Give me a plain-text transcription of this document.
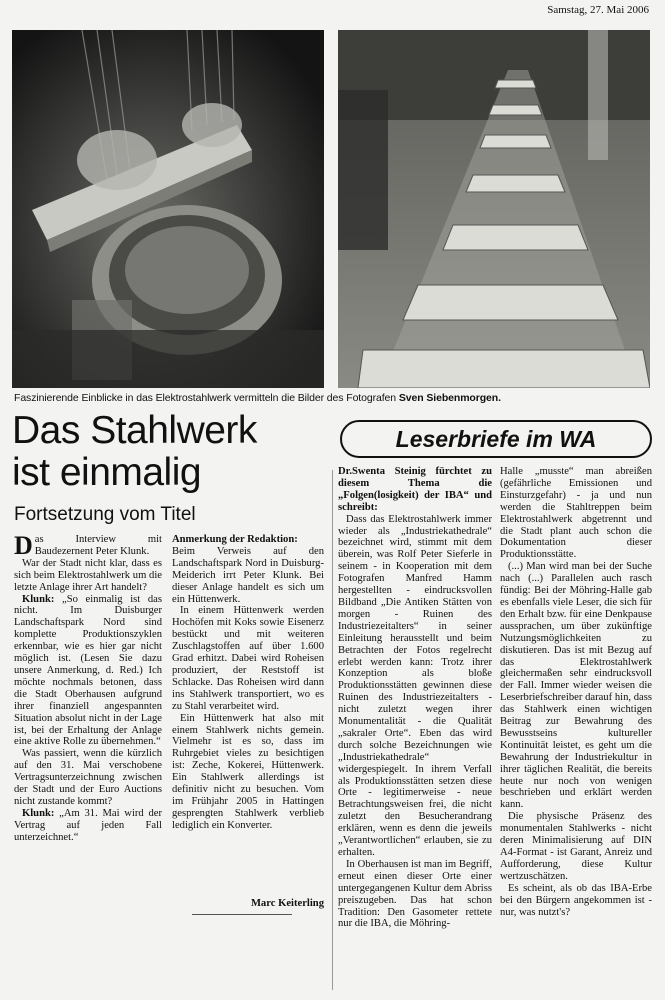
Samstag, 27. Mai 2006
Faszinierende Einblicke in das Elektrostahlwerk vermitteln die Bilder des Fotografen Sven Siebenmorgen.
Das Stahlwerk
ist einmalig
Fortsetzung vom Titel
Leserbriefe im WA

Das Interview mit Baudezernent Peter Klunk.

War der Stadt nicht klar, dass es sich beim Elektrostahlwerk um die letzte Anlage ihrer Art handelt?

Klunk: „So einmalig ist das nicht. Im Duisburger Landschaftspark Nord sind komplette Produktionszyklen erkennbar, wie es hier gar nicht möglich ist. (Lesen Sie dazu unsere Anmerkung, d. Red.) Ich möchte nochmals betonen, dass die Stadt Oberhausen aufgrund ihrer finanziell angespannten Situation absolut nicht in der Lage ist, bei der Erhaltung der Anlage eine aktive Rolle zu übernehmen.“

Was passiert, wenn die kürzlich auf den 31. Mai verschobene Vertragsunterzeichnung zwischen der Stadt und der Euro Auctions nicht zustande kommt?

Klunk: „Am 31. Mai wird der Vertrag auf jeden Fall unterzeichnet.“

Anmerkung der Redaktion:

Beim Verweis auf den Landschaftspark Nord in Duisburg-Meiderich irrt Peter Klunk. Bei dieser Anlage handelt es sich um ein Hüttenwerk.

In einem Hüttenwerk werden Hochöfen mit Koks sowie Eisenerz bestückt und mit weiteren Zuschlagstoffen auf über 1.600 Grad erhitzt. Dabei wird Roheisen produziert, der Reststoff ist Schlacke. Das Roheisen wird dann ins Stahlwerk transportiert, wo es zu Stahl verarbeitet wird.

Ein Hüttenwerk hat also mit einem Stahlwerk nichts gemein. Vielmehr ist es so, dass im Ruhrgebiet vieles zu besichtigen ist: Zeche, Kokerei, Hüttenwerk. Ein Stahlwerk allerdings ist definitiv nicht zu besuchen. Vom im Frühjahr 2005 in Hattingen gesprengten Stahlwerk verblieb lediglich ein Konverter.

Marc Keiterling

Dr.Swenta Steinig fürchtet zu diesem Thema die „Folgen(losigkeit) der IBA“ und schreibt:

Dass das Elektrostahlwerk immer wieder als „Industriekathedrale“ bezeichnet wird, stimmt mit dem überein, was Rolf Peter Sieferle in seinem - in Kooperation mit dem Fotografen Manfred Hamm hergestellten - eindrucksvollen Bildband „Die Antiken Stätten von morgen - Ruinen des Industriezeitalters“ in seiner Einleitung herausstellt und beim Betrachten der Fotos regelrecht erlebt werden kann: Trotz ihrer Konzeption als bloße Produktionsstätten gewinnen diese Ruinen des Industriezeitalters - nicht zuletzt wegen ihrer Monumentalität - die Qualität „sakraler Orte“. Eben das wird durch solche Bezeichnungen wie „Industriekathedrale“ widergespiegelt. In ihrem Verfall als Produktionsstätten setzen diese Orte - legitimerweise - neue Betrachtungsweisen frei, die nicht zuletzt den Besucherandrang erklären, wenn es denn die jeweils „Verantwortlichen“ erlauben, sie zu erhalten.

In Oberhausen ist man im Begriff, erneut einen dieser Orte einer untergegangenen Kultur dem Abriss preiszugeben. Das hat schon Tradition: Den Gasometer rettete nur die IBA, die Möhring-

Halle „musste“ man abreißen (gefährliche Emissionen und Einsturzgefahr) - ja und nun werden die Stahltreppen beim Elektrostahlwerk abgetrennt und die Stadt plant auch schon die Dokumentation dieser Produktionsstätte.

(...) Man wird man bei der Suche nach (...) Parallelen auch rasch fündig: Bei der Möhring-Halle gab es ebenfalls viele Leser, die sich für den Erhalt bzw. für eine Denkpause aussprachen, um über zukünftige Nutzungsmöglichkeiten zu diskutieren. Das ist mit Bezug auf das Elektrostahlwerk gleichermaßen sehr eindrucksvoll der Fall. Immer wieder weisen die Leserbriefschreiber darauf hin, dass das Stahlwerk einen wichtigen Beitrag zur Bewahrung des Bewusstseins kultureller Kontinuität leistet, es geht um die Bewahrung der Industriekultur in ihrer täglichen Realität, die bereits heute nur noch von wenigen beschrieben und erklärt werden kann.

Die physische Präsenz des monumentalen Stahlwerks - nicht deren Minimalisierung auf DIN A4-Format - ist Garant, Anreiz und Aufforderung, diese Kultur wertzuschätzen.

Es scheint, als ob das IBA-Erbe bei den Bürgern angekommen ist - nur, was nutzt's?
